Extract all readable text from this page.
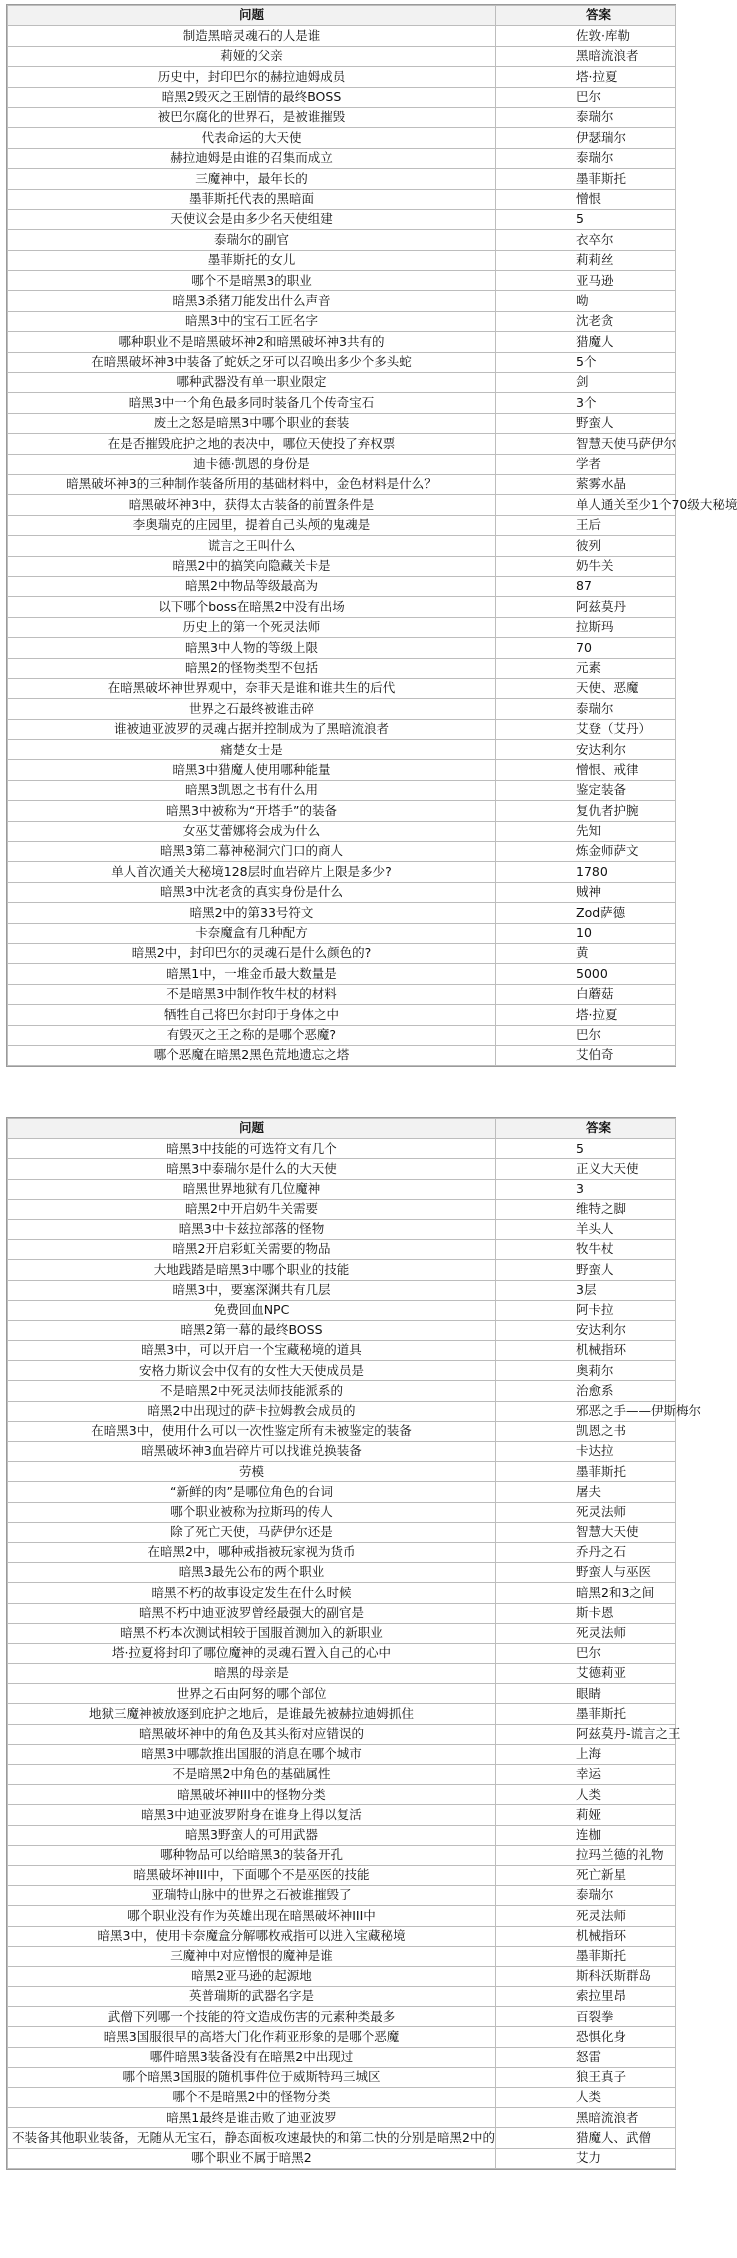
问题	答案
制造黑暗灵魂石的人是谁	佐敦·库勒
莉娅的父亲	黑暗流浪者
历史中，封印巴尔的赫拉迪姆成员	塔·拉夏
暗黑2毁灭之王剧情的最终BOSS	巴尔
被巴尔腐化的世界石，是被谁摧毁	泰瑞尔
代表命运的大天使	伊瑟瑞尔
赫拉迪姆是由谁的召集而成立	泰瑞尔
三魔神中，最年长的	墨菲斯托
墨菲斯托代表的黑暗面	憎恨
天使议会是由多少名天使组建	5
泰瑞尔的副官	衣卒尔
墨菲斯托的女儿	莉莉丝
哪个不是暗黑3的职业	亚马逊
暗黑3杀猪刀能发出什么声音	呦
暗黑3中的宝石工匠名字	沈老贪
哪种职业不是暗黑破坏神2和暗黑破坏神3共有的	猎魔人
在暗黑破坏神3中装备了蛇妖之牙可以召唤出多少个多头蛇	5个
哪种武器没有单一职业限定	剑
暗黑3中一个角色最多同时装备几个传奇宝石	3个
废土之怒是暗黑3中哪个职业的套装	野蛮人
在是否摧毁庇护之地的表决中，哪位天使投了弃权票	智慧天使马萨伊尔
迪卡德·凯恩的身份是	学者
暗黑破坏神3的三种制作装备所用的基础材料中，金色材料是什么？	萦雾水晶
暗黑破坏神3中，获得太古装备的前置条件是	单人通关至少1个70级大秘境
李奥瑞克的庄园里，提着自己头颅的鬼魂是	王后
谎言之王叫什么	彼列
暗黑2中的搞笑向隐藏关卡是	奶牛关
暗黑2中物品等级最高为	87
以下哪个boss在暗黑2中没有出场	阿兹莫丹
历史上的第一个死灵法师	拉斯玛
暗黑3中人物的等级上限	70
暗黑2的怪物类型不包括	元素
在暗黑破坏神世界观中，奈菲天是谁和谁共生的后代	天使、恶魔
世界之石最终被谁击碎	泰瑞尔
谁被迪亚波罗的灵魂占据并控制成为了黑暗流浪者	艾登（艾丹）
痛楚女士是	安达利尔
暗黑3中猎魔人使用哪种能量	憎恨、戒律
暗黑3凯恩之书有什么用	鉴定装备
暗黑3中被称为“开塔手”的装备	复仇者护腕
女巫艾蕾娜将会成为什么	先知
暗黑3第二幕神秘洞穴门口的商人	炼金师萨文
单人首次通关大秘境128层时血岩碎片上限是多少?	1780
暗黑3中沈老贪的真实身份是什么	贼神
暗黑2中的第33号符文	Zod萨德
卡奈魔盒有几种配方	10
暗黑2中，封印巴尔的灵魂石是什么颜色的?	黄
暗黑1中，一堆金币最大数量是	5000
不是暗黑3中制作牧牛杖的材料	白蘑菇
牺牲自己将巴尔封印于身体之中	塔·拉夏
有毁灭之王之称的是哪个恶魔?	巴尔
哪个恶魔在暗黑2黑色荒地遗忘之塔	艾伯奇
问题	答案
暗黑3中技能的可选符文有几个	5
暗黑3中泰瑞尔是什么的大天使	正义大天使
暗黑世界地狱有几位魔神	3
暗黑2中开启奶牛关需要	维特之脚
暗黑3中卡兹拉部落的怪物	羊头人
暗黑2开启彩虹关需要的物品	牧牛杖
大地践踏是暗黑3中哪个职业的技能	野蛮人
暗黑3中，要塞深渊共有几层	3层
免费回血NPC	阿卡拉
暗黑2第一幕的最终BOSS	安达利尔
暗黑3中，可以开启一个宝藏秘境的道具	机械指环
安格力斯议会中仅有的女性大天使成员是	奥莉尔
不是暗黑2中死灵法师技能派系的	治愈系
暗黑2中出现过的萨卡拉姆教会成员的	邪恶之手——伊斯梅尔
在暗黑3中，使用什么可以一次性鉴定所有未被鉴定的装备	凯恩之书
暗黑破坏神3血岩碎片可以找谁兑换装备	卡达拉
劳模	墨菲斯托
“新鲜的肉”是哪位角色的台词	屠夫
哪个职业被称为拉斯玛的传人	死灵法师
除了死亡天使，马萨伊尔还是	智慧大天使
在暗黑2中，哪种戒指被玩家视为货币	乔丹之石
暗黑3最先公布的两个职业	野蛮人与巫医
暗黑不朽的故事设定发生在什么时候	暗黑2和3之间
暗黑不朽中迪亚波罗曾经最强大的副官是	斯卡恩
暗黑不朽本次测试相较于国服首测加入的新职业	死灵法师
塔·拉夏将封印了哪位魔神的灵魂石置入自己的心中	巴尔
暗黑的母亲是	艾德莉亚
世界之石由阿努的哪个部位	眼睛
地狱三魔神被放逐到庇护之地后，是谁最先被赫拉迪姆抓住	墨菲斯托
暗黑破坏神中的角色及其头衔对应错误的	阿兹莫丹-谎言之王
暗黑3中哪款推出国服的消息在哪个城市	上海
不是暗黑2中角色的基础属性	幸运
暗黑破坏神III中的怪物分类	人类
暗黑3中迪亚波罗附身在谁身上得以复活	莉娅
暗黑3野蛮人的可用武器	连枷
哪种物品可以给暗黑3的装备开孔	拉玛兰德的礼物
暗黑破坏神III中，下面哪个不是巫医的技能	死亡新星
亚瑞特山脉中的世界之石被谁摧毁了	泰瑞尔
哪个职业没有作为英雄出现在暗黑破坏神III中	死灵法师
暗黑3中，使用卡奈魔盒分解哪枚戒指可以进入宝藏秘境	机械指环
三魔神中对应憎恨的魔神是谁	墨菲斯托
暗黑2亚马逊的起源地	斯科沃斯群岛
英普瑞斯的武器名字是	索拉里昂
武僧下列哪一个技能的符文造成伤害的元素种类最多	百裂拳
暗黑3国服很早的高塔大门化作莉亚形象的是哪个恶魔	恐惧化身
哪件暗黑3装备没有在暗黑2中出现过	怒雷
哪个暗黑3国服的随机事件位于威斯特玛三城区	狼王真子
哪个不是暗黑2中的怪物分类	人类
暗黑1最终是谁击败了迪亚波罗	黑暗流浪者
不装备其他职业装备，无随从无宝石，静态面板攻速最快的和第二快的分别是暗黑2中的	猎魔人、武僧
哪个职业不属于暗黑2	艾力
